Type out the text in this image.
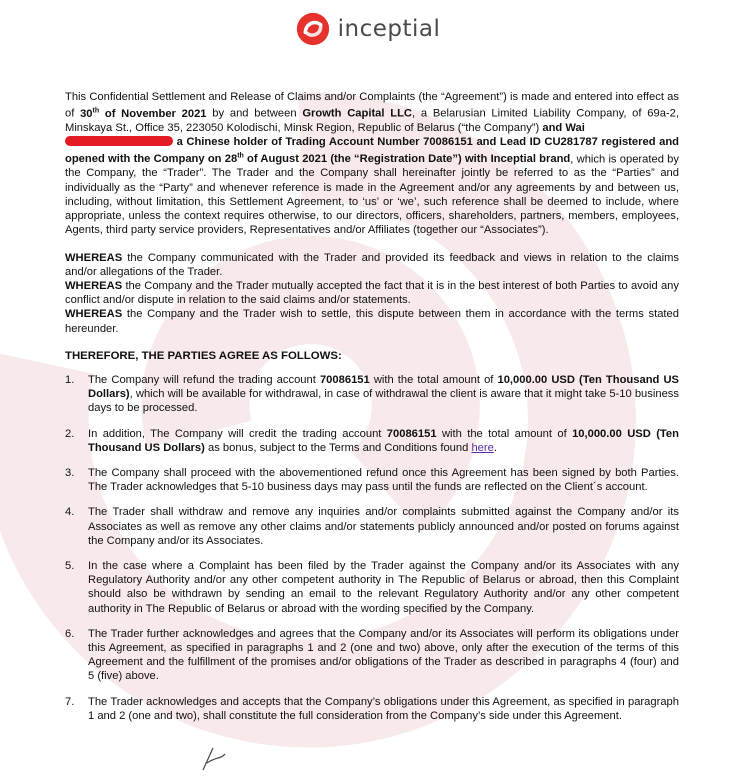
inceptial

This Confidential Settlement and Release of Claims and/or Complaints (the “Agreement”) is made and entered into effect as of 30th of November 2021 by and between Growth Capital LLC, a Belarusian Limited Liability Company, of 69a-2, Minskaya St., Office 35, 223050 Kolodischi, Minsk Region, Republic of Belarus (“the Company”) and Wai
a Chinese holder of Trading Account Number 70086151 and Lead ID CU281787 registered and opened with the Company on 28th of August 2021 (the “Registration Date”) with Inceptial brand, which is operated by the Company, the “Trader”. The Trader and the Company shall hereinafter jointly be referred to as the “Parties” and individually as the “Party” and whenever reference is made in the Agreement and/or any agreements by and between us, including, without limitation, this Settlement Agreement, to ‘us’ or ‘we’, such reference shall be deemed to include, where appropriate, unless the context requires otherwise, to our directors, officers, shareholders, partners, members, employees, Agents, third party service providers, Representatives and/or Affiliates (together our “Associates”).

WHEREAS the Company communicated with the Trader and provided its feedback and views in relation to the claims and/or allegations of the Trader.

WHEREAS the Company and the Trader mutually accepted the fact that it is in the best interest of both Parties to avoid any conflict and/or dispute in relation to the said claims and/or statements.

WHEREAS the Company and the Trader wish to settle, this dispute between them in accordance with the terms stated hereunder.

THEREFORE, THE PARTIES AGREE AS FOLLOWS:

1.	The Company will refund the trading account 70086151 with the total amount of 10,000.00 USD (Ten Thousand US Dollars), which will be available for withdrawal, in case of withdrawal the client is aware that it might take 5-10 business days to be processed.
2.	In addition, The Company will credit the trading account 70086151 with the total amount of 10,000.00 USD (Ten Thousand US Dollars) as bonus, subject to the Terms and Conditions found here.
3.	The Company shall proceed with the abovementioned refund once this Agreement has been signed by both Parties. The Trader acknowledges that 5-10 business days may pass until the funds are reflected on the Client´s account.
4.	The Trader shall withdraw and remove any inquiries and/or complaints submitted against the Company and/or its Associates as well as remove any other claims and/or statements publicly announced and/or posted on forums against the Company and/or its Associates.
5.	In the case where a Complaint has been filed by the Trader against the Company and/or its Associates with any Regulatory Authority and/or any other competent authority in The Republic of Belarus or abroad, then this Complaint should also be withdrawn by sending an email to the relevant Regulatory Authority and/or any other competent authority in The Republic of Belarus or abroad with the wording specified by the Company.
6.	The Trader further acknowledges and agrees that the Company and/or its Associates will perform its obligations under this Agreement, as specified in paragraphs 1 and 2 (one and two) above, only after the execution of the terms of this Agreement and the fulfillment of the promises and/or obligations of the Trader as described in paragraphs 4 (four) and 5 (five) above.
7.	The Trader acknowledges and accepts that the Company’s obligations under this Agreement, as specified in paragraph 1 and 2 (one and two), shall constitute the full consideration from the Company’s side under this Agreement.
